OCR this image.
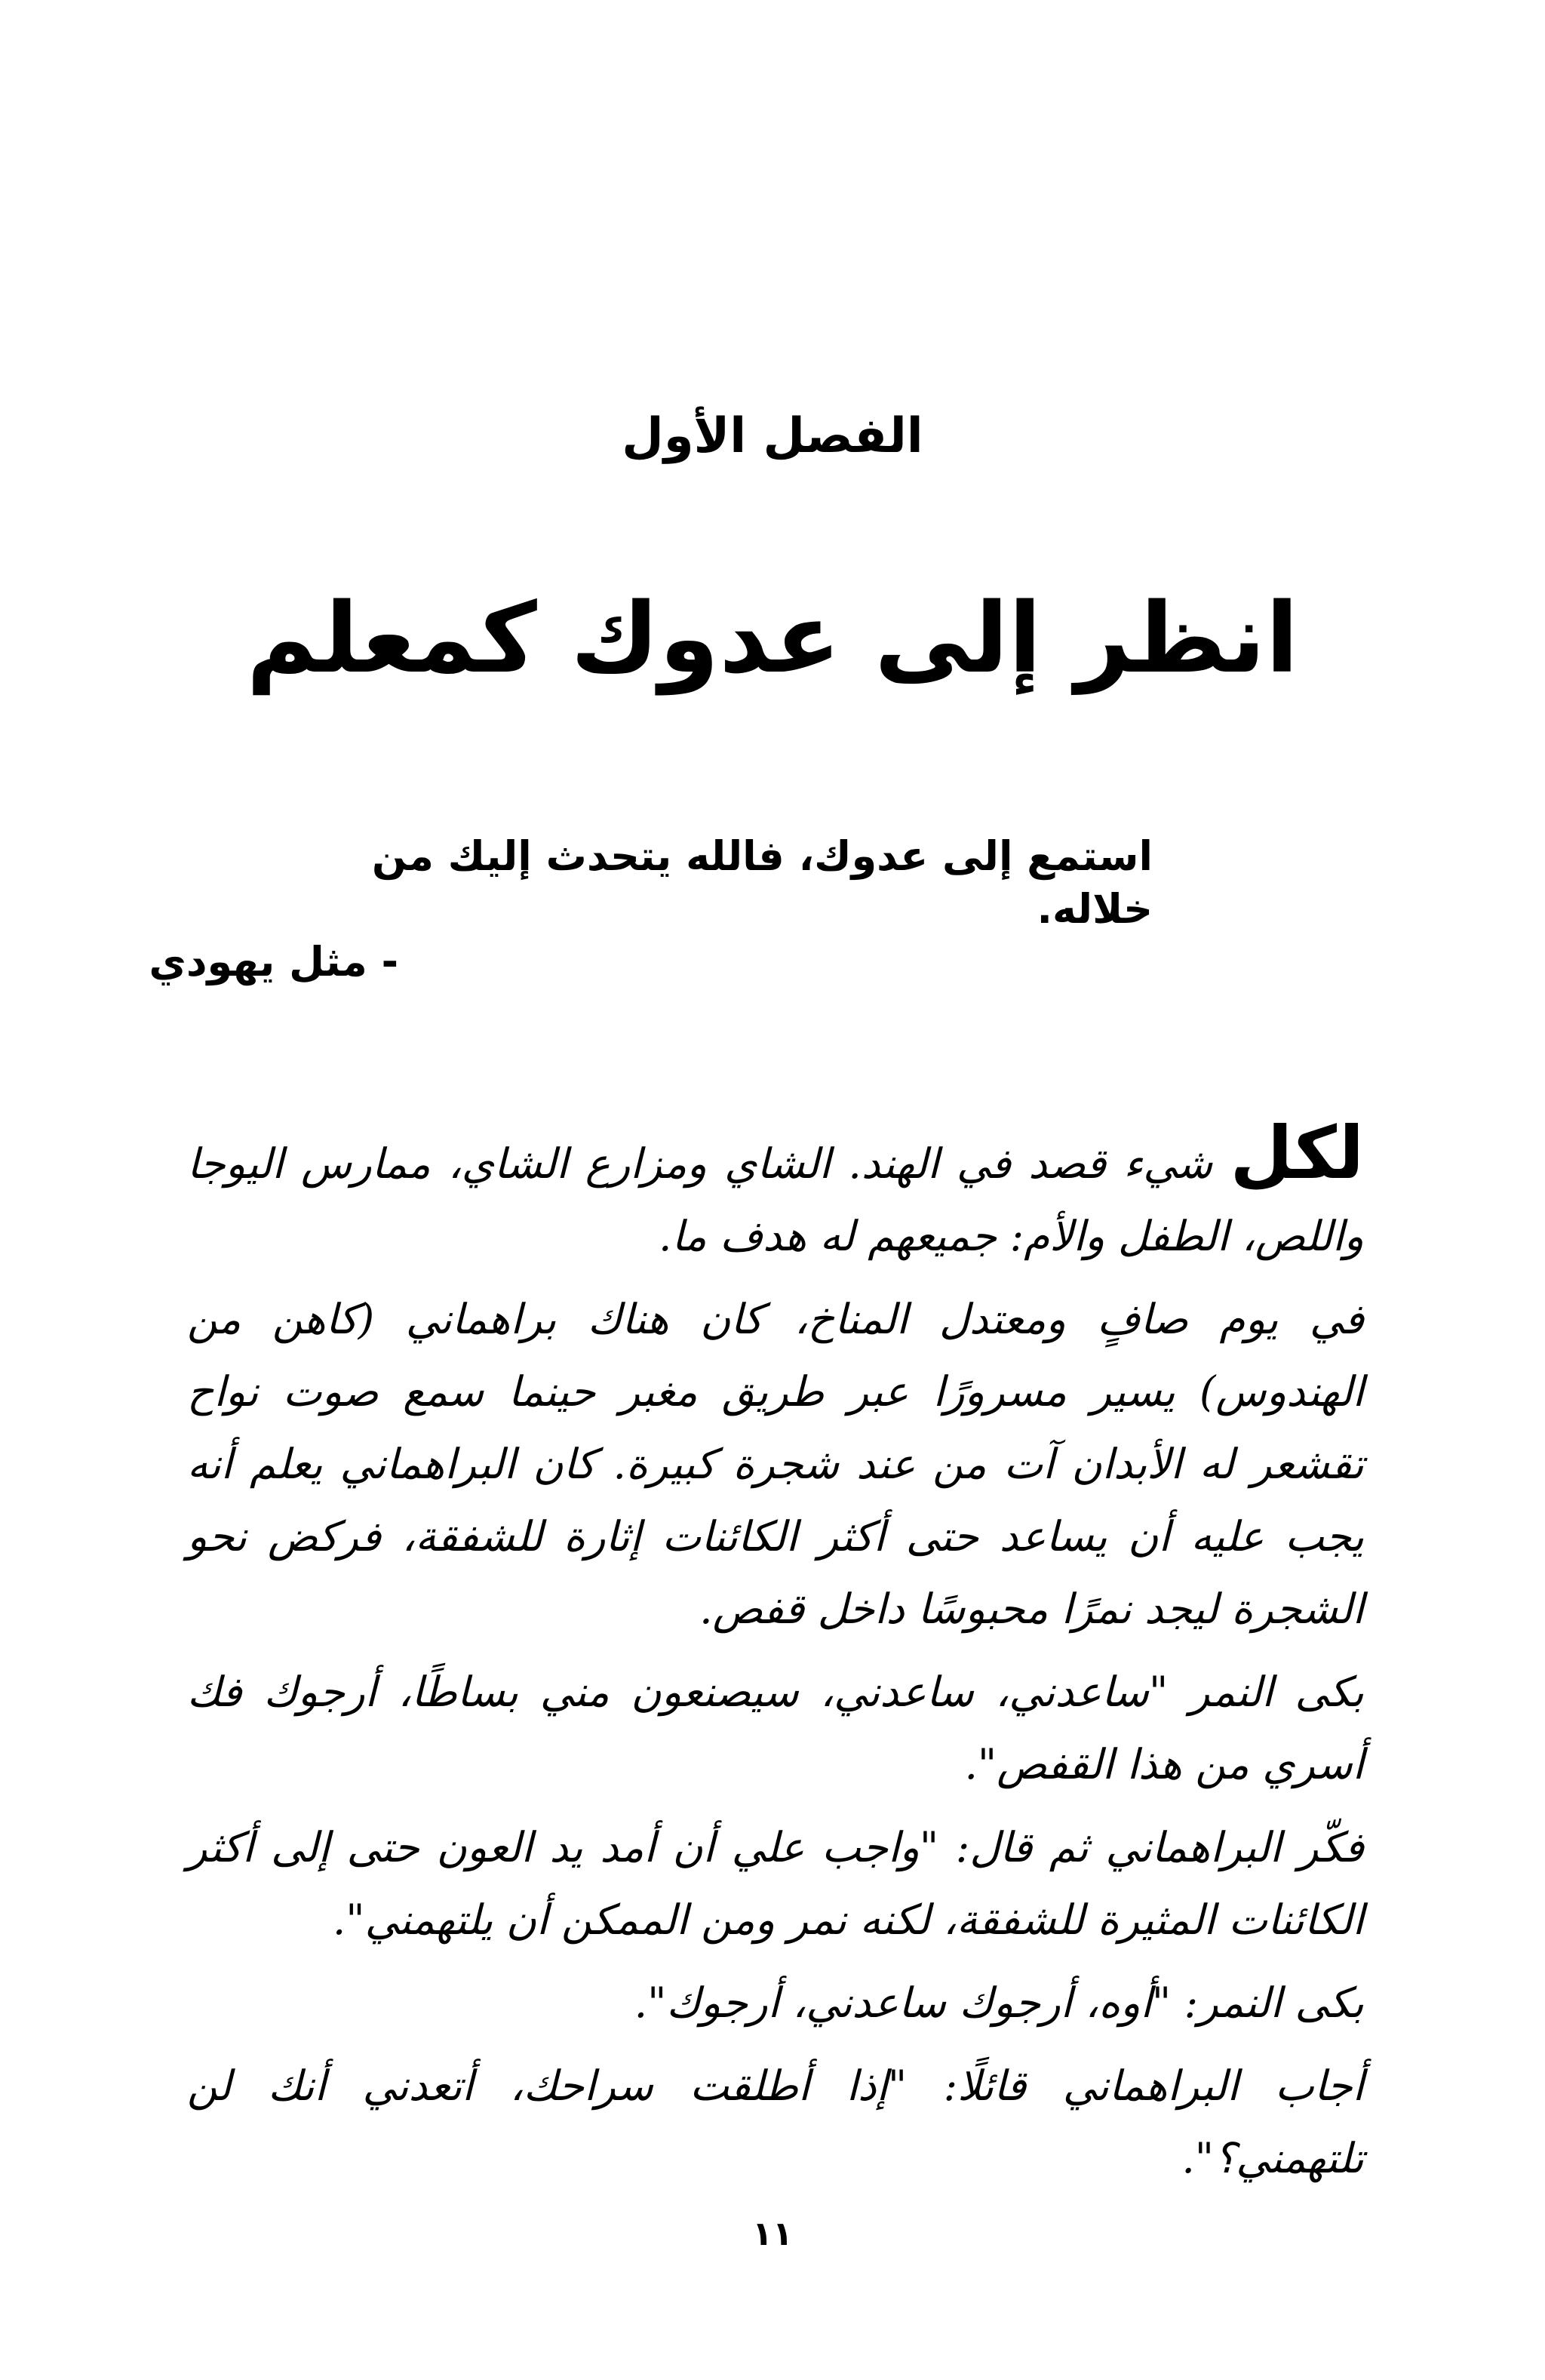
الفصل الأول
انظر إلى عدوك كمعلم
استمع إلى عدوك، فالله يتحدث إليك من خلاله.
- مثل يهودي

لكل شيء قصد في الهند. الشاي ومزارع الشاي، ممارس اليوجا واللص، الطفل والأم: جميعهم له هدف ما.

في يوم صافٍ ومعتدل المناخ، كان هناك براهماني (كاهن من الهندوس) يسير مسرورًا عبر طريق مغبر حينما سمع صوت نواح تقشعر له الأبدان آت من عند شجرة كبيرة. كان البراهماني يعلم أنه يجب عليه أن يساعد حتى أكثر الكائنات إثارة للشفقة، فركض نحو الشجرة ليجد نمرًا محبوسًا داخل قفص.

بكى النمر "ساعدني، ساعدني، سيصنعون مني بساطًا، أرجوك فك أسري من هذا القفص".

فكّر البراهماني ثم قال: "واجب علي أن أمد يد العون حتى إلى أكثر الكائنات المثيرة للشفقة، لكنه نمر ومن الممكن أن يلتهمني".

بكى النمر: "أوه، أرجوك ساعدني، أرجوك".

أجاب البراهماني قائلًا: "إذا أطلقت سراحك، أتعدني أنك لن تلتهمني؟".

١١
